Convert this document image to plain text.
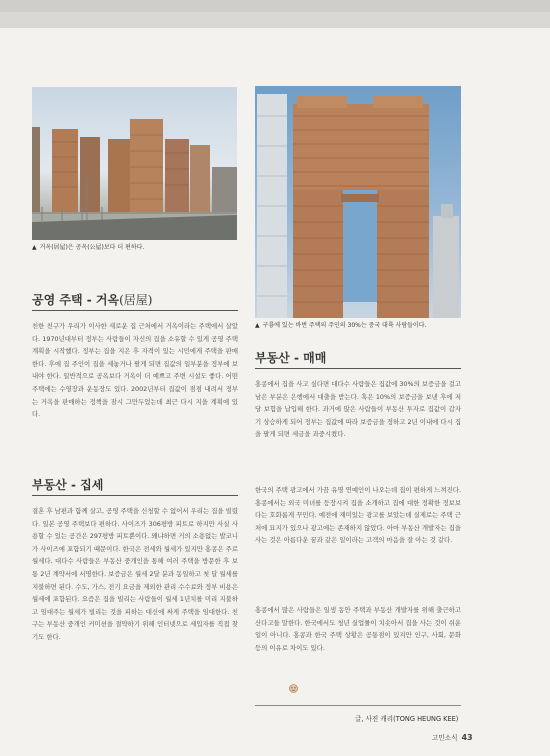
▲ 거옥(居屋)은 공옥(公屋)보다 더 편하다.
▲ 구룡에 있는 바번 주택의 주인의 30%는 중국 대륙 사람들이다.
공영 주택 - 거옥(居屋)
친한 친구가 우리가 이사한 새로운 집 근처에서 거옥이라는 주택에서 살았다. 1970년대부터 정부는 사람들이 자신의 집을 소유할 수 있게 공영 주택 계획을 시작했다. 정부는 집을 지은 후 자격이 있는 시민에게 주택을 판매한다. 후에 집 주인이 집을 세놓거나 팔게 되면 집값의 일부분을 정부에 보내야 한다. 일반적으로 공옥보다 거옥이 더 예쁘고 주변 시설도 좋다. 어떤 주택에는 수영장과 운동장도 있다. 2002년부터 집값이 점점 내려서 정부는 거옥을 판매하는 정책을 잠시 그만두었는데 최근 다시 지을 계획에 있다.
부동산 - 집세
결혼 후 남편과 함께 살고, 공영 주택을 신청할 수 없어서 우리는 집을 빌렸다. 일본 공영 주택보다 편하다. 사이즈가 306평방 피트로 하지만 사실 사용할 수 있는 공간은 297평방 피트뿐이다. 왜냐하면 거의 소용없는 발코니가 사이즈에 포함되기 때문이다. 한국은 전세와 월세가 있지만 홍콩은 주로 월세다. 대다수 사람들은 부동산 중개인을 통해 여러 주택을 방문한 후 보통 2년 계약서에 서명한다. 보증금은 월세 2달 분과 동일하고 첫 달 월세를 지불하면 된다. 수도, 가스, 전기 요금을 제외한 관리 수수료와 정부 비용은 월세에 포함된다. 요즘은 집을 빌리는 사람들이 월세 1년치를 미리 지불하고 임대주는 월세가 빌리는 것을 피하는 대신에 싸게 주택을 임대한다. 친구는 부동산 중개인 커미션을 절약하기 위해 인터넷으로 세입자를 직접 찾기도 한다.
부동산 - 매매
홍콩에서 집을 사고 싶다면 대다수 사람들은 집값에 30%의 보증금을 걸고 남은 부분은 은행에서 대출을 받는다. 혹은 10%의 보증금을 보낸 후에 저당 보험을 납입해 한다. 과거에 많은 사람들이 부동산 투자로 집값이 갑자기 상승하게 되어 정부는 집값에 따라 보증금을 정하고 2년 이내에 다시 집을 팔게 되면 세금을 과중시켰다.
한국의 주택 광고에서 가끔 유명 연예인이 나오는데 집이 편하게 느껴진다. 홍콩에서는 외국 미녀를 등장시켜 집을 소개하고 집에 대한 정확한 정보보다는 호화롭게 꾸민다. 예전에 재미있는 광고를 보았는데 실제로는 주택 근처에 묘지가 있으나 광고에는 존재하지 않았다. 아마 부동산 개발자는 집을 사는 것은 아름다운 꿈과 같은 일이라는 고객의 마음을 잘 아는 것 같다.
홍콩에서 많은 사람들은 일생 동안 주택과 부동산 개발자를 위해 출근하고 산다고들 말한다. 한국에서도 청년 실업률이 치솟아서 집을 사는 것이 쉬운 일이 아니다. 홍콩과 한국 주택 상황은 공통점이 있지만 인구, 사회, 문화 등의 이유로 차이도 있다.
글, 사진 캐리(TONG HEUNG KEE)
고민소식 43
